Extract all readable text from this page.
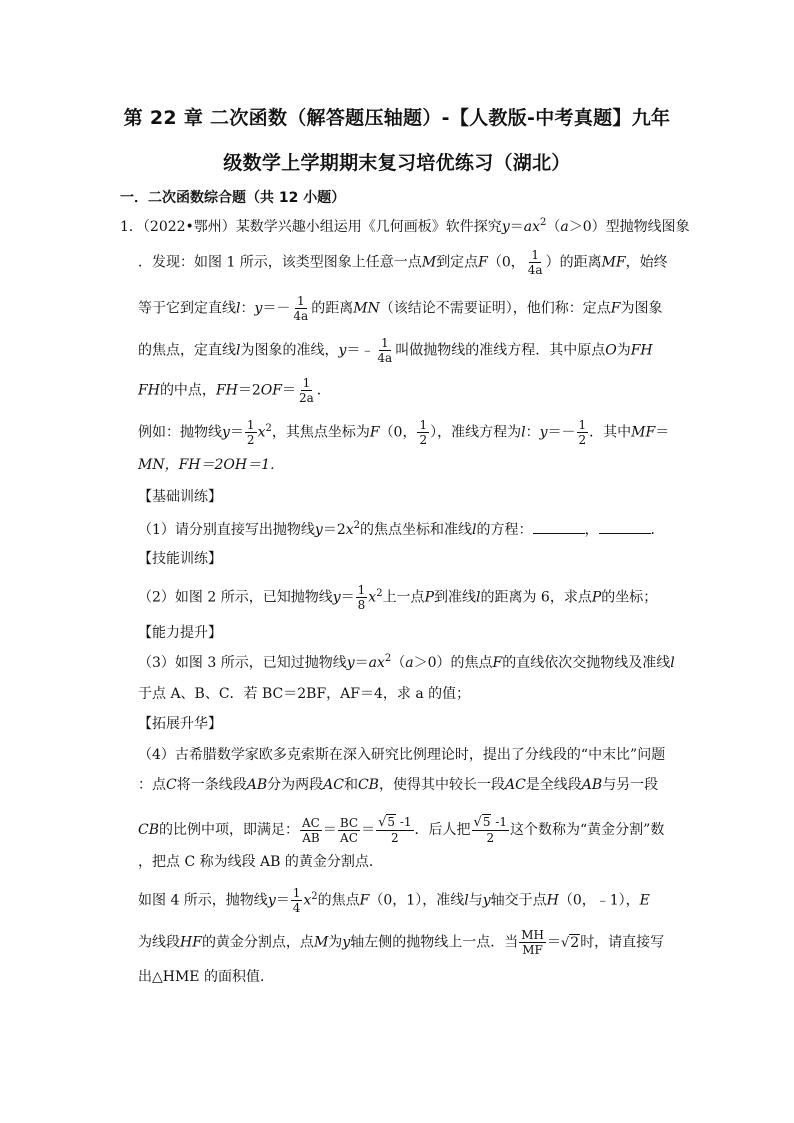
第 22 章 二次函数（解答题压轴题）-【人教版-中考真题】九年
级数学上学期期末复习培优练习（湖北）
一．二次函数综合题（共 12 小题）
1．（2022•鄂州）某数学兴趣小组运用《几何画板》软件探究$y=ax^2(a>0)$型抛物线图象
．发现：如图 1 所示，该类型图象上任意一点M到定点F（0， $\frac{1}{4a}$ ）的距离MF，始终
等于它到定直线l：$y=- \frac{1}{4a}$ 的距离MN（该结论不需要证明），他们称：定点F为图象
的焦点，定直线l为图象的准线，y＝﹣ $\frac{1}{4a}$ 叫做抛物线的准线方程．其中原点O为FH
FH的中点，$FH=2OF= \frac{1}{2a}$ ．
例如：抛物线$y= \frac{1}{2} x^2$，其焦点坐标为F（0， $\frac{1}{2}$ ），准线方程为l：$y=- \frac{1}{2}$ ．其中MF＝
MN，FH＝2OH＝1．
【基础训练】
（1）请分别直接写出抛物线$y=2x^2$的焦点坐标和准线l的方程：	，	．
【技能训练】
（2）如图 2 所示，已知抛物线$y= \frac{1}{8} x^2$上一点P到准线l的距离为 6，求点P的坐标；
【能力提升】
（3）如图 3 所示，已知过抛物线$y=ax^2(a>0)$的焦点F的直线依次交抛物线及准线l
于点 A、B、C．若 BC＝2BF，AF＝4，求 a 的值；
【拓展升华】
（4）古希腊数学家欧多克索斯在深入研究比例理论时，提出了分线段的“中末比”问题
：点C将一条线段AB分为两段AC和CB，使得其中较长一段AC是全线段AB与另一段
CB的比例中项，即满足： $\frac{AC}{AB} = \frac{BC}{AC} = \frac{√5 -1}{2}$ ．后人把 $\frac{√5 -1}{2}$ 这个数称为“黄金分割”数
，把点 C 称为线段 AB 的黄金分割点．
如图 4 所示，抛物线$y= \frac{1}{4} x^2$的焦点F（0，1），准线l与y轴交于点H（0，﹣1），E
为线段HF的黄金分割点，点M为y轴左侧的抛物线上一点．当 $\frac{MH}{MF} =√2$时，请直接写
出△HME 的面积值．
